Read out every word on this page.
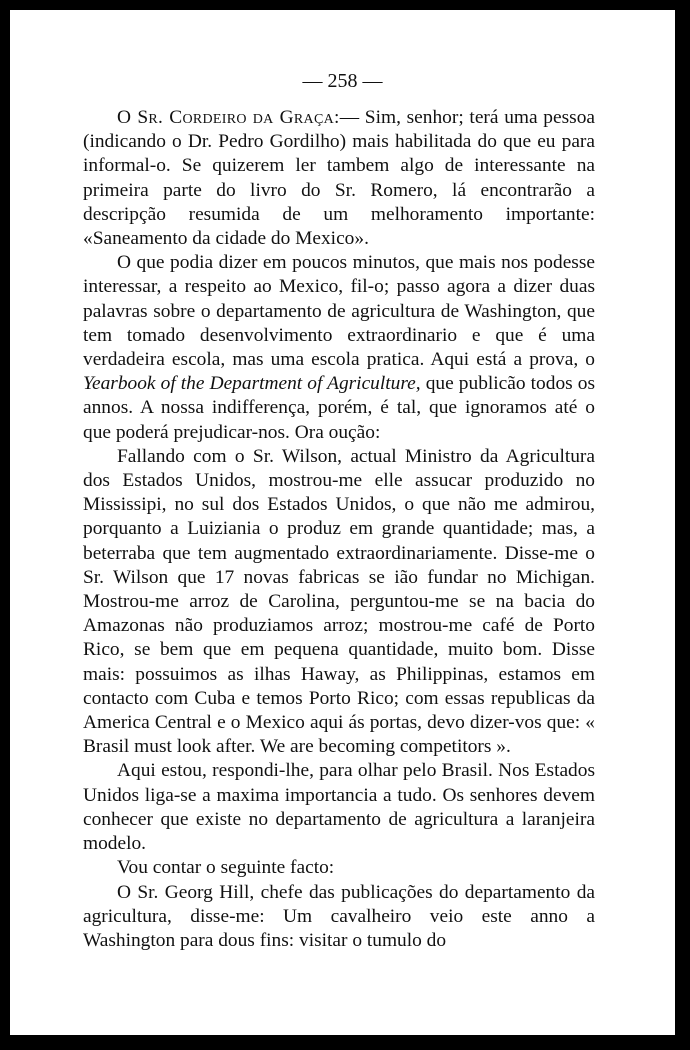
— 258 —

O Sr. Cordeiro da Graça:— Sim, senhor; terá uma pessoa (indicando o Dr. Pedro Gordilho) mais habilitada do que eu para informal-o. Se quizerem ler tambem algo de interessante na primeira parte do livro do Sr. Romero, lá encontrarão a descripção resumida de um melhoramento importante: «Saneamento da cidade do Mexico».

O que podia dizer em poucos minutos, que mais nos podesse interessar, a respeito ao Mexico, fil-o; passo agora a dizer duas palavras sobre o departamento de agricultura de Washington, que tem tomado desenvolvimento extraordinario e que é uma verdadeira escola, mas uma escola pratica. Aqui está a prova, o Yearbook of the Department of Agriculture, que publicão todos os annos. A nossa indifferença, porém, é tal, que ignoramos até o que poderá prejudicar-nos. Ora oução:

Fallando com o Sr. Wilson, actual Ministro da Agricultura dos Estados Unidos, mostrou-me elle assucar produzido no Mississipi, no sul dos Estados Unidos, o que não me admirou, porquanto a Luiziania o produz em grande quantidade; mas, a beterraba que tem augmentado extraordinariamente. Disse-me o Sr. Wilson que 17 novas fabricas se ião fundar no Michigan. Mostrou-me arroz de Carolina, perguntou-me se na bacia do Amazonas não produziamos arroz; mostrou-me café de Porto Rico, se bem que em pequena quantidade, muito bom. Disse mais: possuimos as ilhas Haway, as Philippinas, estamos em contacto com Cuba e temos Porto Rico; com essas republicas da America Central e o Mexico aqui ás portas, devo dizer-vos que: « Brasil must look after. We are becoming competitors ».

Aqui estou, respondi-lhe, para olhar pelo Brasil. Nos Estados Unidos liga-se a maxima importancia a tudo. Os senhores devem conhecer que existe no departamento de agricultura a laranjeira modelo.

Vou contar o seguinte facto:

O Sr. Georg Hill, chefe das publicações do departamento da agricultura, disse-me: Um cavalheiro veio este anno a Washington para dous fins: visitar o tumulo do
